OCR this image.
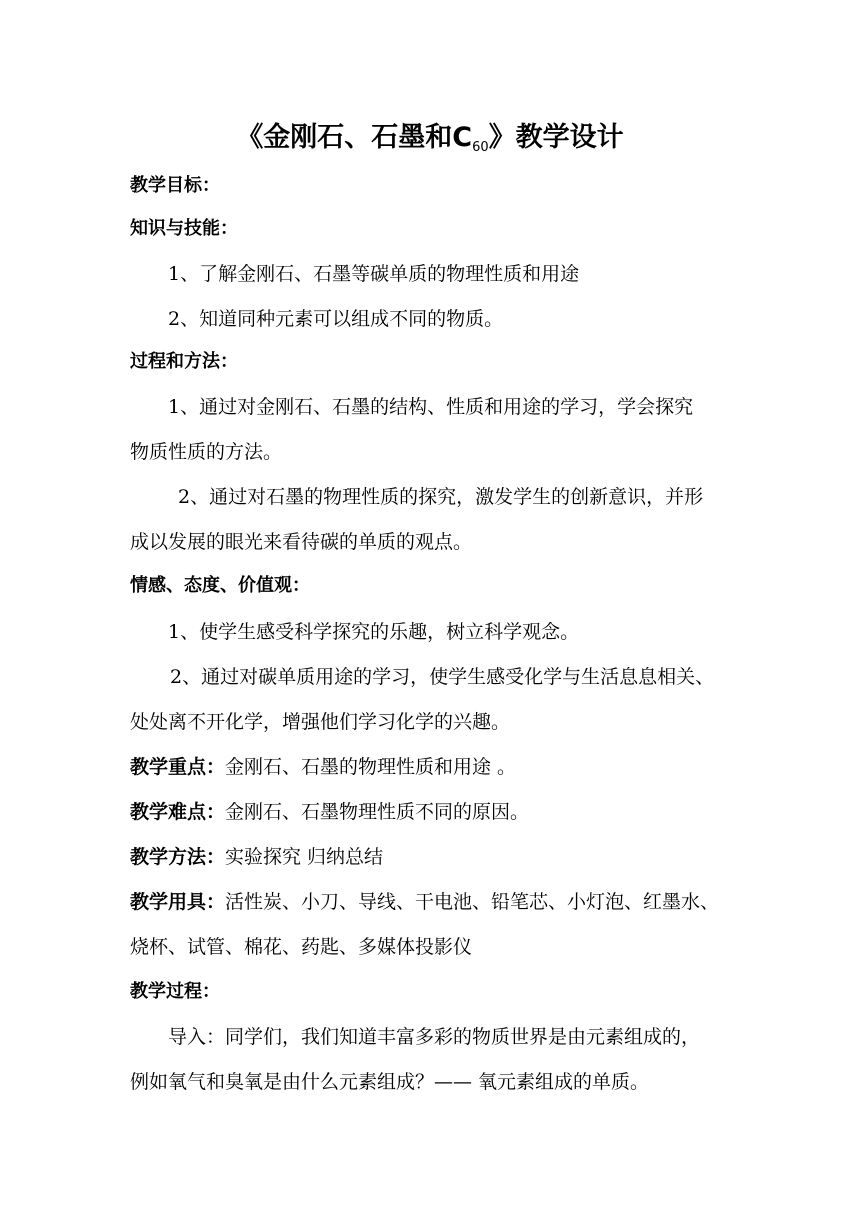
《金刚石、石墨和$C_{60}$》教学设计
教学目标：
知识与技能：
1、了解金刚石、石墨等碳单质的物理性质和用途
2、知道同种元素可以组成不同的物质。
过程和方法：
1、通过对金刚石、石墨的结构、性质和用途的学习，学会探究
物质性质的方法。
2、通过对石墨的物理性质的探究，激发学生的创新意识，并形
成以发展的眼光来看待碳的单质的观点。
情感、态度、价值观：
1、使学生感受科学探究的乐趣，树立科学观念。
2、通过对碳单质用途的学习，使学生感受化学与生活息息相关、
处处离不开化学，增强他们学习化学的兴趣。
教学重点：金刚石、石墨的物理性质和用途 。
教学难点：金刚石、石墨物理性质不同的原因。
教学方法：实验探究 归纳总结
教学用具：活性炭、小刀、导线、干电池、铅笔芯、小灯泡、红墨水、
烧杯、试管、棉花、药匙、多媒体投影仪
教学过程：
导入：同学们，我们知道丰富多彩的物质世界是由元素组成的，
例如氧气和臭氧是由什么元素组成？—— 氧元素组成的单质。
